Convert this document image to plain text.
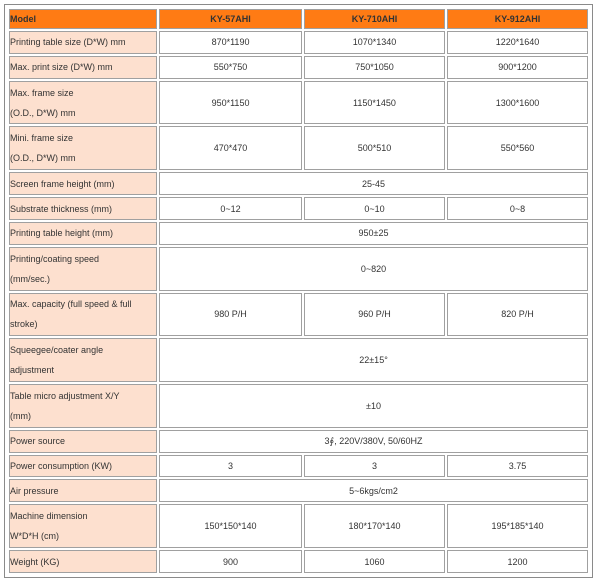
Model	KY-57AHI	KY-710AHI	KY-912AHI

Printing table size (D*W) mm	870*1190	1070*1340	1220*1640

Max. print size (D*W) mm	550*750	750*1050	900*1200

Max. frame size
(O.D., D*W) mm	950*1150	1150*1450	1300*1600

Mini. frame size
(O.D., D*W) mm	470*470	500*510	550*560

Screen frame height (mm)	25-45		

Substrate thickness (mm)	0~12	0~10	0~8

Printing table height (mm)	950±25		

Printing/coating speed
(mm/sec.)	0~820		

Max. capacity (full speed & full
stroke)	980 P/H	960 P/H	820 P/H

Squeegee/coater angle
adjustment	22±15°		

Table micro adjustment X/Y
(mm)	±10		

Power source	3∮, 220V/380V, 50/60HZ		

Power consumption (KW)	3	3	3.75

Air pressure	5~6kgs/cm2		

Machine dimension
W*D*H (cm)	150*150*140	180*170*140	195*185*140

Weight (KG)	900	1060	1200
